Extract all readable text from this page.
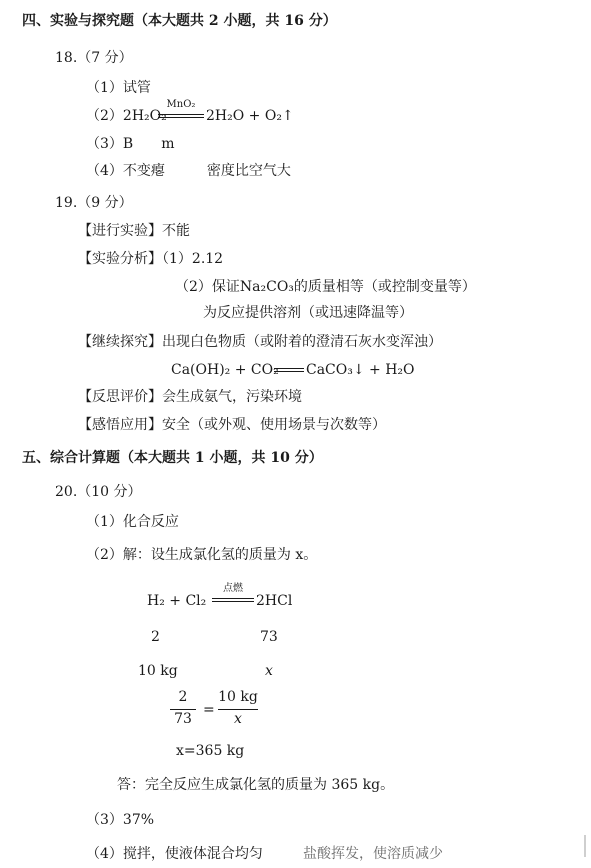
四、实验与探究题（本大题共 2 小题，共 16 分）
18.（7 分）
（1）试管
（2）2H₂O₂
MnO₂
2H₂O + O₂↑
（3）B　　m
（4）不变瘪　　　密度比空气大
19.（9 分）
【进行实验】不能
【实验分析】（1）2.12
（2）保证Na₂CO₃的质量相等（或控制变量等）
为反应提供溶剂（或迅速降温等）
【继续探究】出现白色物质（或附着的澄清石灰水变浑浊）
Ca(OH)₂ + CO₂ CaCO₃↓ + H₂O
【反思评价】会生成氨气，污染环境
【感悟应用】安全（或外观、使用场景与次数等）
五、综合计算题（本大题共 1 小题，共 10 分）
20.（10 分）
（1）化合反应
（2）解：设生成氯化氢的质量为 x。
H₂ + Cl₂
点燃
2HCl
2	73
10 kg	x
2
73
=
10 kg
x
x=365 kg
答：完全反应生成氯化氢的质量为 365 kg。
（3）37%
（4）搅拌，使液体混合均匀	盐酸挥发，使溶质减少
